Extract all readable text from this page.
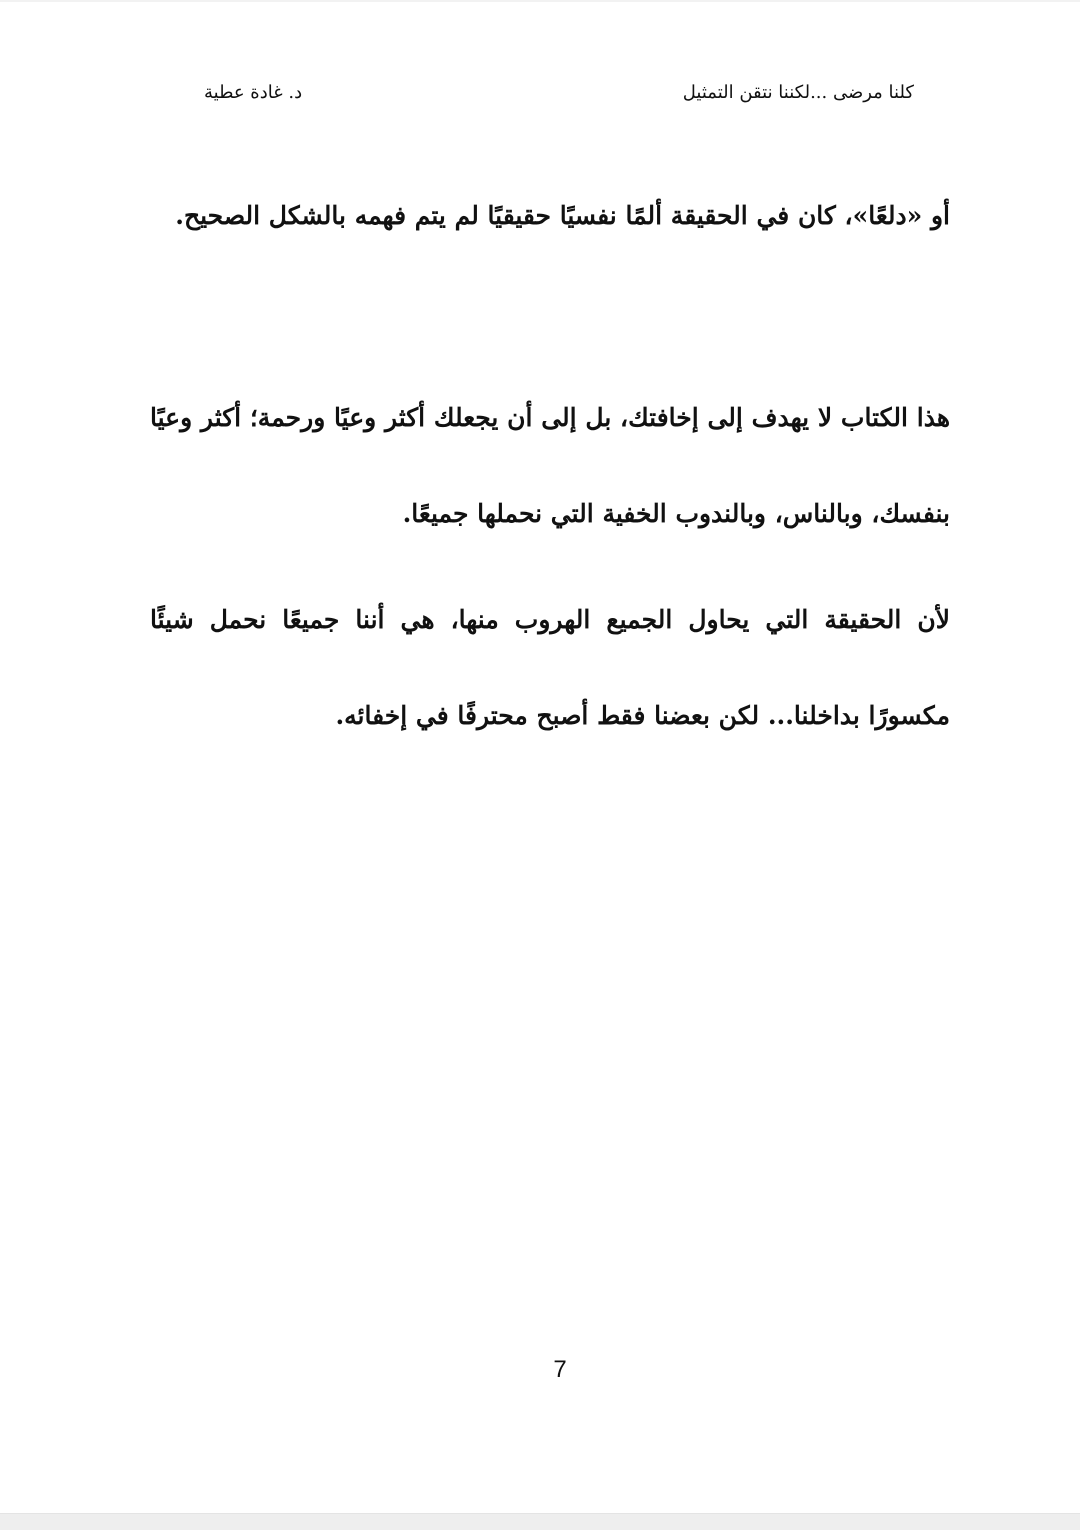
كلنا مرضى ...لكننا نتقن التمثيل
د. غادة عطية

أو «دلعًا»، كان في الحقيقة ألمًا نفسيًا حقيقيًا لم يتم فهمه بالشكل الصحيح.

هذا الكتاب لا يهدف إلى إخافتك، بل إلى أن يجعلك أكثر وعيًا ورحمة؛ أكثر وعيًا بنفسك، وبالناس، وبالندوب الخفية التي نحملها جميعًا.

لأن الحقيقة التي يحاول الجميع الهروب منها، هي أننا جميعًا نحمل شيئًا مكسورًا بداخلنا... لكن بعضنا فقط أصبح محترفًا في إخفائه.

7
